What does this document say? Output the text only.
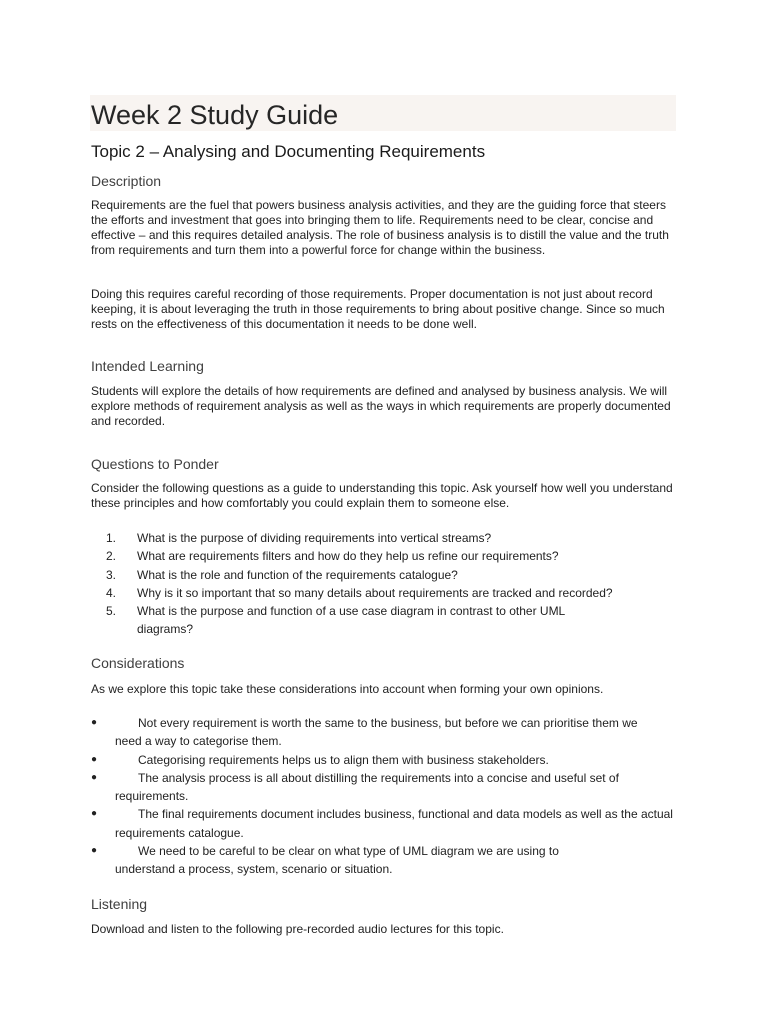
Week 2 Study Guide
Topic 2 – Analysing and Documenting Requirements
Description

Requirements are the fuel that powers business analysis activities, and they are the guiding force that steers the efforts and investment that goes into bringing them to life. Requirements need to be clear, concise and effective – and this requires detailed analysis. The role of business analysis is to distill the value and the truth from requirements and turn them into a powerful force for change within the business.

Doing this requires careful recording of those requirements. Proper documentation is not just about record keeping, it is about leveraging the truth in those requirements to bring about positive change. Since so much rests on the effectiveness of this documentation it needs to be done well.

Intended Learning

Students will explore the details of how requirements are defined and analysed by business analysis. We will explore methods of requirement analysis as well as the ways in which requirements are properly documented and recorded.

Questions to Ponder

Consider the following questions as a guide to understanding this topic. Ask yourself how well you understand these principles and how comfortably you could explain them to someone else.

1. What is the purpose of dividing requirements into vertical streams?
2. What are requirements filters and how do they help us refine our requirements?
3. What is the role and function of the requirements catalogue?
4. Why is it so important that so many details about requirements are tracked and recorded?
5. What is the purpose and function of a use case diagram in contrast to other UML diagrams?
Considerations

As we explore this topic take these considerations into account when forming your own opinions.

●	Not every requirement is worth the same to the business, but before we can prioritise them we need a way to categorise them.
●	Categorising requirements helps us to align them with business stakeholders.
●	The analysis process is all about distilling the requirements into a concise and useful set of requirements.
●	The final requirements document includes business, functional and data models as well as the actual requirements catalogue.
●	We need to be careful to be clear on what type of UML diagram we are using to understand a process, system, scenario or situation.
Listening

Download and listen to the following pre-recorded audio lectures for this topic.
